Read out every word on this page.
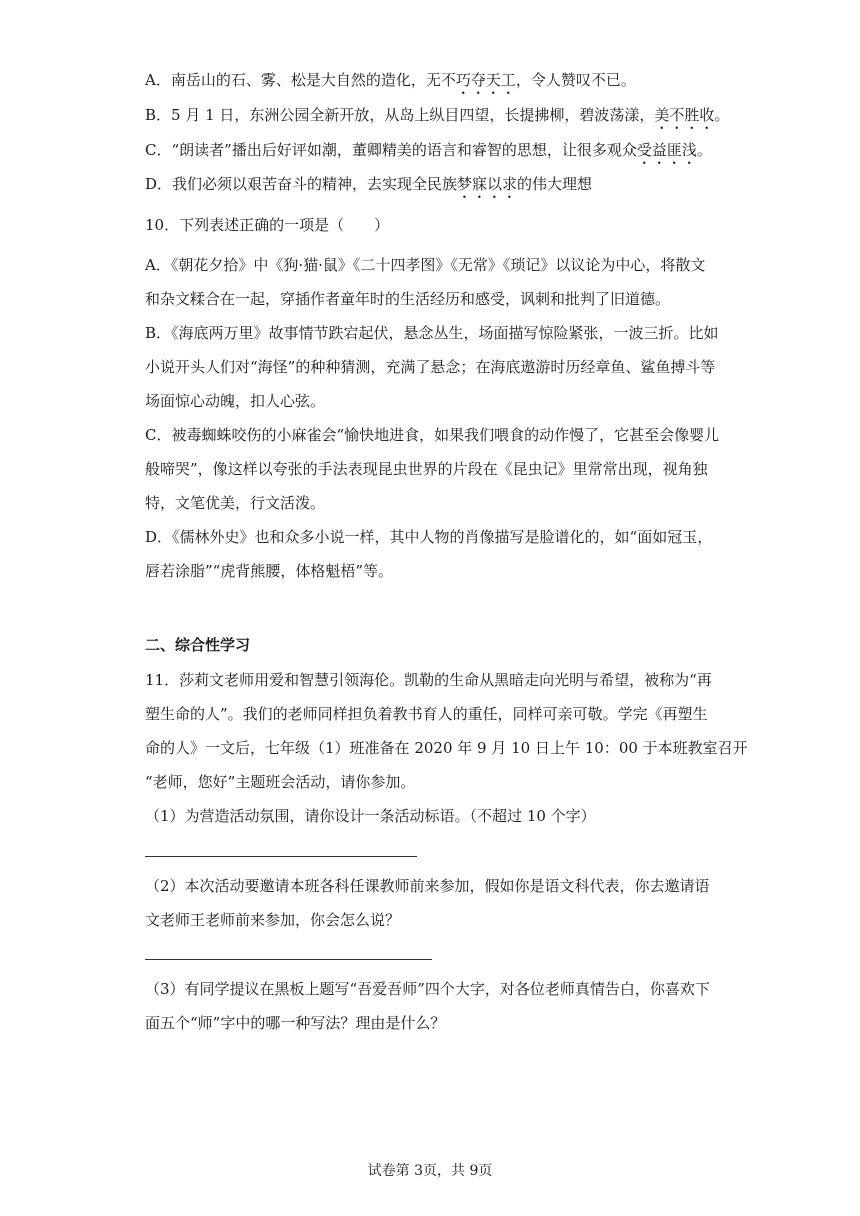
A．南岳山的石、雾、松是大自然的造化，无不巧夺天工，令人赞叹不已。
B．5 月 1 日，东洲公园全新开放，从岛上纵目四望，长提拂柳，碧波荡漾，美不胜收。
C．“朗读者”播出后好评如潮，董卿精美的语言和睿智的思想，让很多观众受益匪浅。
D．我们必须以艰苦奋斗的精神，去实现全民族梦寐以求的伟大理想
10．下列表述正确的一项是（　　）
A．《朝花夕拾》中《狗·猫·鼠》《二十四孝图》《无常》《琐记》以议论为中心，将散文
和杂文糅合在一起，穿插作者童年时的生活经历和感受，讽刺和批判了旧道德。
B．《海底两万里》故事情节跌宕起伏，悬念丛生，场面描写惊险紧张，一波三折。比如
小说开头人们对“海怪”的种种猜测，充满了悬念；在海底遨游时历经章鱼、鲨鱼搏斗等
场面惊心动魄，扣人心弦。
C．被毒蜘蛛咬伤的小麻雀会“愉快地进食，如果我们喂食的动作慢了，它甚至会像婴儿
般啼哭”，像这样以夸张的手法表现昆虫世界的片段在《昆虫记》里常常出现，视角独
特，文笔优美，行文活泼。
D．《儒林外史》也和众多小说一样，其中人物的肖像描写是脸谱化的，如“面如冠玉，
唇若涂脂”“虎背熊腰，体格魁梧”等。
二、综合性学习
11．莎莉文老师用爱和智慧引领海伦。凯勒的生命从黑暗走向光明与希望，被称为“再
塑生命的人”。我们的老师同样担负着教书育人的重任，同样可亲可敬。学完《再塑生
命的人》一文后，七年级（1）班准备在 2020 年 9 月 10 日上午 10：00 于本班教室召开
“老师，您好”主题班会活动，请你参加。
（1）为营造活动氛围，请你设计一条活动标语。（不超过 10 个字）
（2）本次活动要邀请本班各科任课教师前来参加，假如你是语文科代表，你去邀请语
文老师王老师前来参加，你会怎么说？
（3）有同学提议在黑板上题写“吾爱吾师”四个大字，对各位老师真情告白，你喜欢下
面五个“师”字中的哪一种写法？理由是什么？
试卷第 3页，共 9页
